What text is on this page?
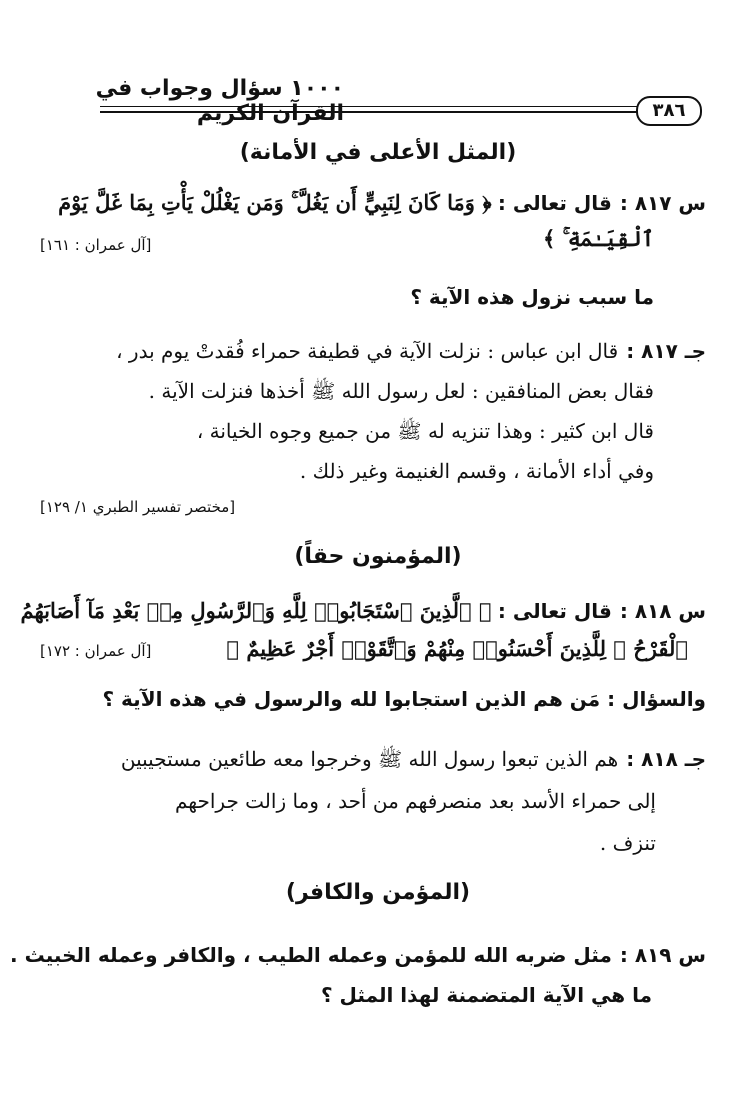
١٠٠٠ سؤال وجواب في القرآن الكريم	٣٨٦
(المثل الأعلى في الأمانة)
س ٨١٧ :قال تعالى : ﴿ وَمَا كَانَ لِنَبِيٍّ أَن يَغُلَّ ۚ وَمَن يَغْلُلْ يَأْتِ بِمَا غَلَّ يَوْمَ
ٱلْقِيَـٰمَةِ ۚ ﴾
[آل عمران : ١٦١]
ما سبب نزول هذه الآية ؟
جـ ٨١٧ :قال ابن عباس : نزلت الآية في قطيفة حمراء فُقدتْ يوم بدر ،
فقال بعض المنافقين : لعل رسول الله ﷺ أخذها فنزلت الآية .
قال ابن كثير : وهذا تنزيه له ﷺ من جميع وجوه الخيانة ،
وفي أداء الأمانة ، وقسم الغنيمة وغير ذلك .
[مختصر تفسير الطبري ١/ ١٢٩]
(المؤمنون حقاً)
س ٨١٨ :قال تعالى : ﴿ ٱلَّذِينَ ٱسْتَجَابُوا۟ لِلَّهِ وَٱلرَّسُولِ مِنۢ بَعْدِ مَآ أَصَابَهُمُ
ٱلْقَرْحُ ۚ لِلَّذِينَ أَحْسَنُوا۟ مِنْهُمْ وَٱتَّقَوْا۟ أَجْرٌ عَظِيمٌ ﴾
[آل عمران : ١٧٢]
والسؤال : مَن هم الذين استجابوا لله والرسول في هذه الآية ؟
جـ ٨١٨ :هم الذين تبعوا رسول الله ﷺ وخرجوا معه طائعين مستجيبين
إلى حمراء الأسد بعد منصرفهم من أحد ، وما زالت جراحهم
تنزف .
(المؤمن والكافر)
س ٨١٩ :مثل ضربه الله للمؤمن وعمله الطيب ، والكافر وعمله الخبيث .
ما هي الآية المتضمنة لهذا المثل ؟
